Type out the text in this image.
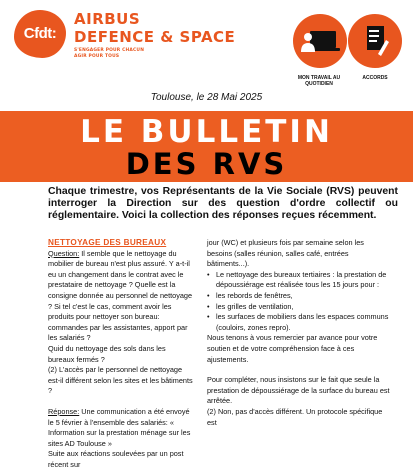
Cfdt:
AIRBUS
DEFENCE & SPACE
S'ENGAGER POUR CHACUN AGIR POUR TOUS
MON TRAVAIL AU QUOTIDIEN
ACCORDS
Toulouse, le 28 Mai 2025
LE BULLETIN
DES RVS
Chaque trimestre, vos Représentants de la Vie Sociale (RVS) peuvent interroger la Direction sur des question d'ordre collectif ou réglementaire. Voici la collection des réponses reçues récemment.
NETTOYAGE DES BUREAUX

Question: Il semble que le nettoyage du mobilier de bureau n'est plus assuré. Y a-t-il eu un changement dans le contrat avec le prestataire de nettoyage ? Quelle est la consigne donnée au personnel de nettoyage ? Si tel c'est le cas, comment avoir les produits pour nettoyer son bureau: commandes par les assistantes, apport par les salariés ?

Quid du nettoyage des sols dans les bureaux fermés ?

(2) L'accès par le personnel de nettoyage est-il différent selon les sites et les bâtiments ?

Réponse: Une communication a été envoyé le 5 février à l'ensemble des salariés: « Information sur la prestation ménage sur les sites AD Toulouse »

Suite aux réactions soulevées par un post récent sur

jour (WC) et plusieurs fois par semaine selon les besoins (salles réunion, salles café, entrées bâtiments...).

• Le nettoyage des bureaux tertiaires : la prestation de dépoussiérage est réalisée tous les 15 jours pour :
• les rebords de fenêtres,
• les grilles de ventilation,
• les surfaces de mobiliers dans les espaces communs (couloirs, zones repro).

Nous tenons à vous remercier par avance pour votre soutien et de votre compréhension face à ces ajustements.

Pour compléter, nous insistons sur le fait que seule la prestation de dépoussiérage de la surface du bureau est arrêtée.

(2) Non, pas d'accès différent. Un protocole spécifique est
